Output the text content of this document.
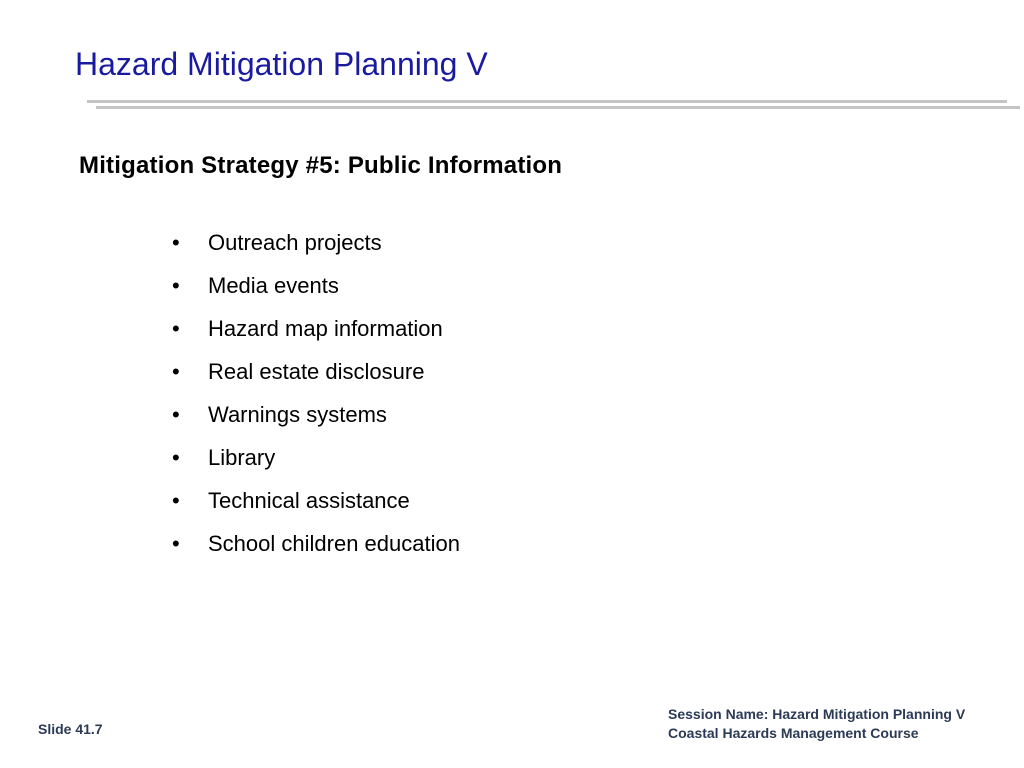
Hazard Mitigation Planning V
Mitigation Strategy #5: Public Information
•	Outreach projects
•	Media events
•	Hazard map information
•	Real estate disclosure
•	Warnings systems
•	Library
•	Technical assistance
•	School children education
Slide 41.7
Session Name: Hazard Mitigation Planning V
Coastal Hazards Management Course
